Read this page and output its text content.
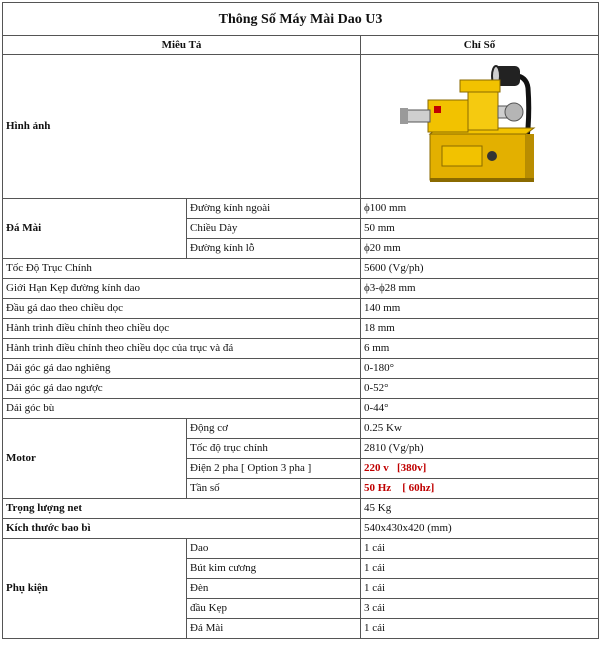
Thông Số Máy Mài Dao U3		
Miêu Tả		Chỉ Số
Hình ảnh	
Đá Mài	Đường kính ngoài	ϕ100 mm
	Chiều Dày	50 mm
	Đường kính lỗ	ϕ20 mm
Tốc Độ Trục Chính		5600 (Vg/ph)
Giới Hạn Kẹp đường kính dao		ϕ3-ϕ28 mm
Đầu gá dao theo chiều dọc		140 mm
Hành trình điều chỉnh theo chiều dọc		18 mm
Hành trình điều chỉnh theo chiều dọc của trục và đá		6 mm
Dải góc gá dao nghiêng		0-180°
Dải góc gá dao ngược		0-52°
Dải góc bù		0-44°
Motor	Động cơ	0.25 Kw
	Tốc độ trục chính	2810 (Vg/ph)
	Điện 2 pha [ Option 3 pha ]	220 v   [380v]
	Tần số	50 Hz    [ 60hz]
Trọng lượng net		45 Kg
Kích thước bao bì		540x430x420 (mm)
Phụ kiện	Dao	1 cái
	Bút kim cương	1 cái
	Đèn	1 cái
	đầu Kẹp	3 cái
	Đá Mài	1 cái
